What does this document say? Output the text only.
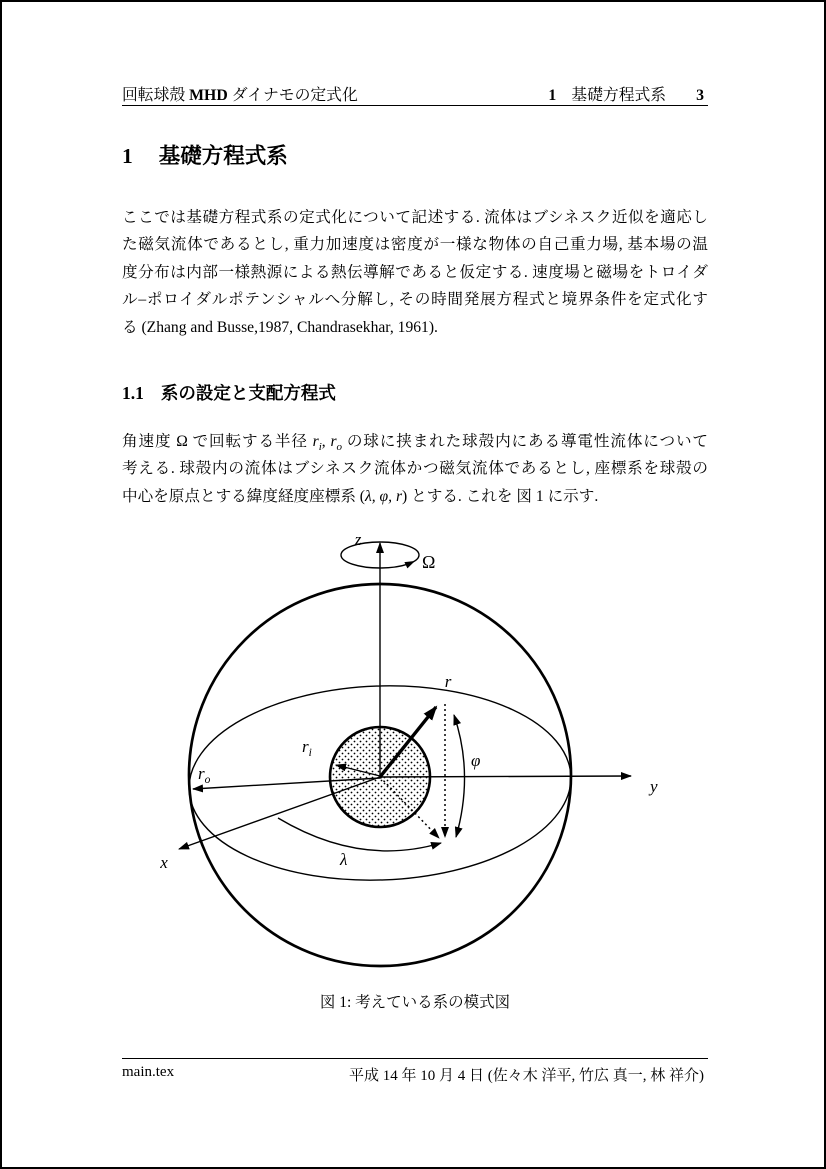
回転球殻 MHD ダイナモの定式化	1 基礎方程式系 3
1 基礎方程式系
ここでは基礎方程式系の定式化について記述する. 流体はブシネスク近似を適応し
た磁気流体であるとし, 重力加速度は密度が一様な物体の自己重力場, 基本場の温
度分布は内部一様熱源による熱伝導解であると仮定する. 速度場と磁場をトロイダ
ル–ポロイダルポテンシャルへ分解し, その時間発展方程式と境界条件を定式化す
る (Zhang and Busse,1987, Chandrasekhar, 1961).
1.1 系の設定と支配方程式
角速度 Ω で回転する半径 $r_i$, $r_o$ の球に挟まれた球殻内にある導電性流体について
考える. 球殻内の流体はブシネスク流体かつ磁気流体であるとし, 座標系を球殻の
中心を原点とする緯度経度座標系 (λ, φ, r) とする. これを 図 1 に示す.
z
Ω
r
$r_i$
$r_o$
φ
λ
x
y
図 1: 考えている系の模式図
main.tex	平成 14 年 10 月 4 日 (佐々木 洋平, 竹広 真一, 林 祥介)
